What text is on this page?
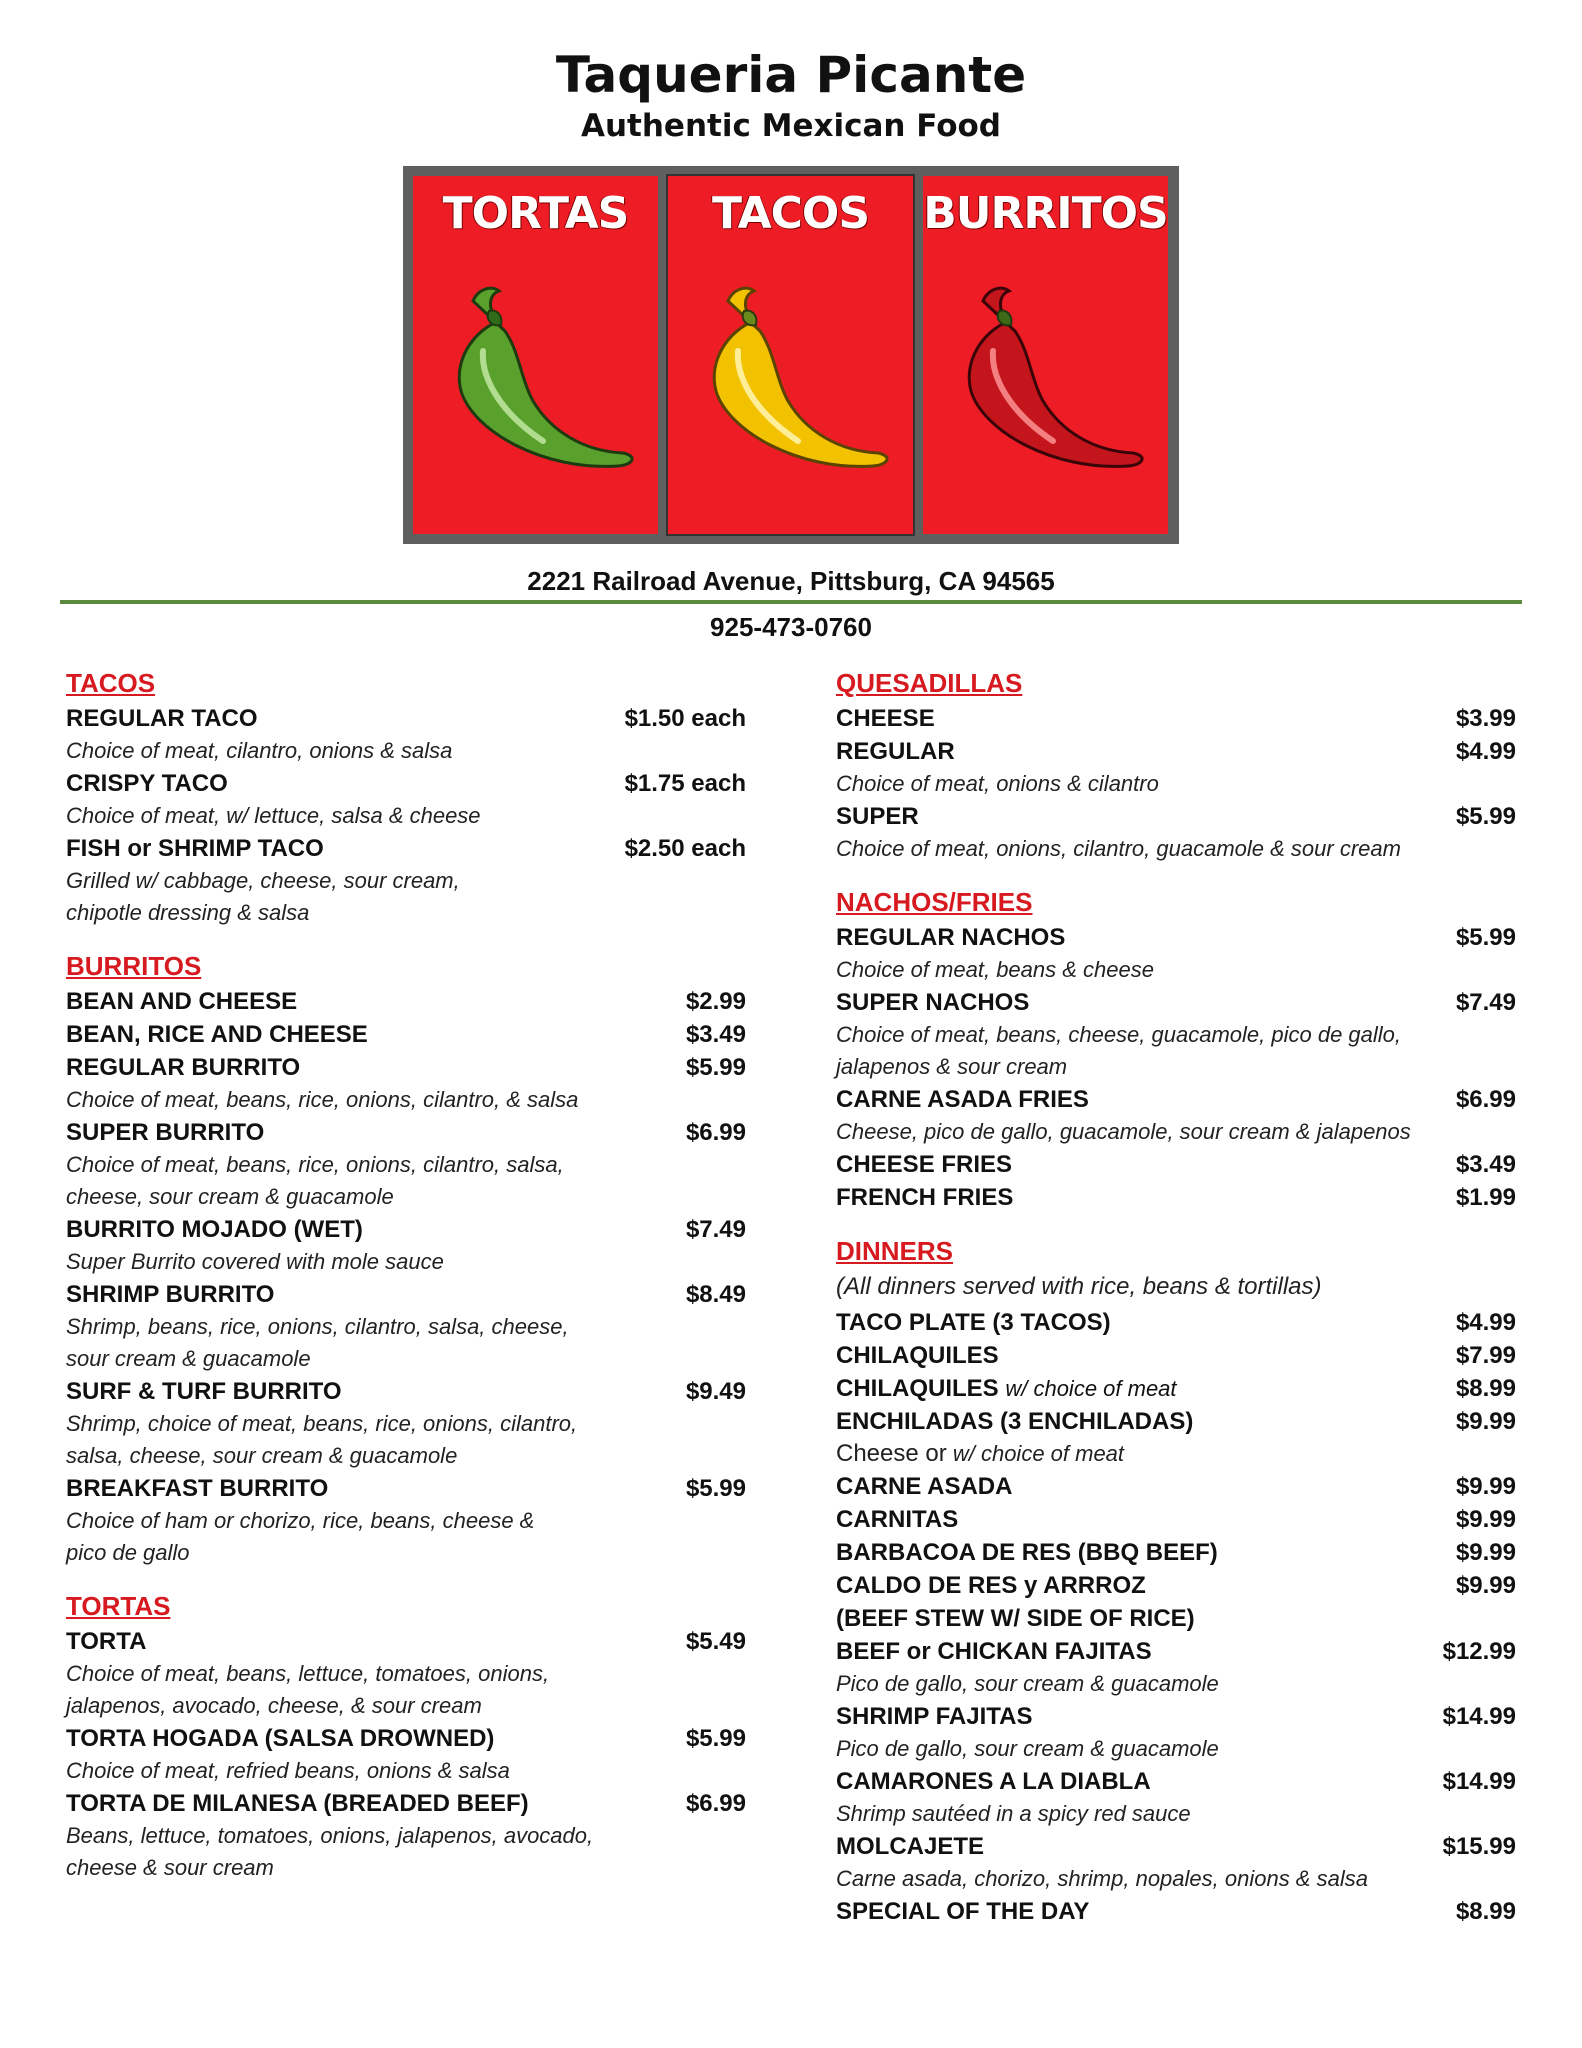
Taqueria Picante
Authentic Mexican Food
TORTAS	TACOS	BURRITOS
2221 Railroad Avenue, Pittsburg, CA 94565
925-473-0760
TACOS
REGULAR TACO	$1.50 each
Choice of meat, cilantro, onions & salsa
CRISPY TACO	$1.75 each
Choice of meat, w/ lettuce, salsa & cheese
FISH or SHRIMP TACO	$2.50 each
Grilled w/ cabbage, cheese, sour cream,
chipotle dressing & salsa
BURRITOS
BEAN AND CHEESE	$2.99
BEAN, RICE AND CHEESE	$3.49
REGULAR BURRITO	$5.99
Choice of meat, beans, rice, onions, cilantro, & salsa
SUPER BURRITO	$6.99
Choice of meat, beans, rice, onions, cilantro, salsa,
cheese, sour cream & guacamole
BURRITO MOJADO (WET)	$7.49
Super Burrito covered with mole sauce
SHRIMP BURRITO	$8.49
Shrimp, beans, rice, onions, cilantro, salsa, cheese,
sour cream & guacamole
SURF & TURF BURRITO	$9.49
Shrimp, choice of meat, beans, rice, onions, cilantro,
salsa, cheese, sour cream & guacamole
BREAKFAST BURRITO	$5.99
Choice of ham or chorizo, rice, beans, cheese &
pico de gallo
TORTAS
TORTA	$5.49
Choice of meat, beans, lettuce, tomatoes, onions,
jalapenos, avocado, cheese, & sour cream
TORTA HOGADA (SALSA DROWNED)	$5.99
Choice of meat, refried beans, onions & salsa
TORTA DE MILANESA (BREADED BEEF)	$6.99
Beans, lettuce, tomatoes, onions, jalapenos, avocado,
cheese & sour cream
QUESADILLAS
CHEESE	$3.99
REGULAR	$4.99
Choice of meat, onions & cilantro
SUPER	$5.99
Choice of meat, onions, cilantro, guacamole & sour cream
NACHOS/FRIES
REGULAR NACHOS	$5.99
Choice of meat, beans & cheese
SUPER NACHOS	$7.49
Choice of meat, beans, cheese, guacamole, pico de gallo,
jalapenos & sour cream
CARNE ASADA FRIES	$6.99
Cheese, pico de gallo, guacamole, sour cream & jalapenos
CHEESE FRIES	$3.49
FRENCH FRIES	$1.99
DINNERS
(All dinners served with rice, beans & tortillas)
TACO PLATE (3 TACOS)	$4.99
CHILAQUILES	$7.99
CHILAQUILES w/ choice of meat	$8.99
ENCHILADAS (3 ENCHILADAS)	$9.99
Cheese or w/ choice of meat
CARNE ASADA	$9.99
CARNITAS	$9.99
BARBACOA DE RES (BBQ BEEF)	$9.99
CALDO DE RES y ARRROZ	$9.99
(BEEF STEW W/ SIDE OF RICE)
BEEF or CHICKAN FAJITAS	$12.99
Pico de gallo, sour cream & guacamole
SHRIMP FAJITAS	$14.99
Pico de gallo, sour cream & guacamole
CAMARONES A LA DIABLA	$14.99
Shrimp sautéed in a spicy red sauce
MOLCAJETE	$15.99
Carne asada, chorizo, shrimp, nopales, onions & salsa
SPECIAL OF THE DAY	$8.99
